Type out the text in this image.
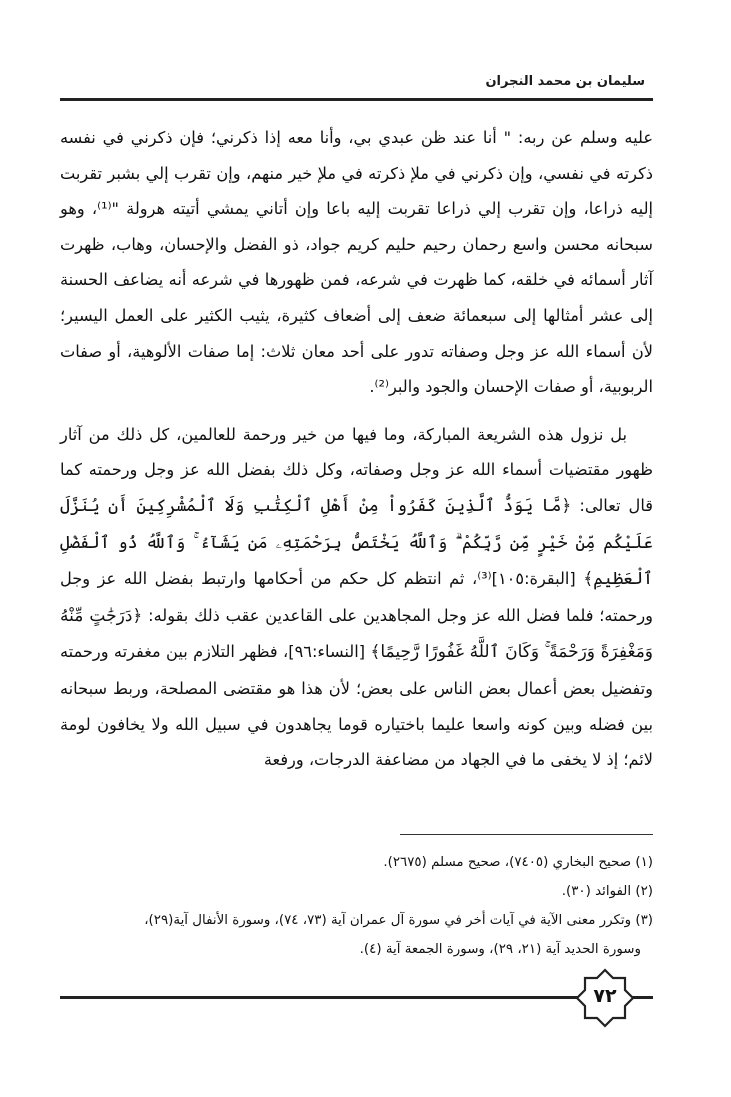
سليمان بن محمد النجران

عليه وسلم عن ربه: " أنا عند ظن عبدي بي، وأنا معه إذا ذكرني؛ فإن ذكرني في نفسه ذكرته في نفسي، وإن ذكرني في ملإ ذكرته في ملإ خير منهم، وإن تقرب إلي بشبر تقربت إليه ذراعا، وإن تقرب إلي ذراعا تقربت إليه باعا وإن أتاني يمشي أتيته هرولة "⁽¹⁾، وهو سبحانه محسن واسع رحمان رحيم حليم كريم جواد، ذو الفضل والإحسان، وهاب، ظهرت آثار أسمائه في خلقه، كما ظهرت في شرعه، فمن ظهورها في شرعه أنه يضاعف الحسنة إلى عشر أمثالها إلى سبعمائة ضعف إلى أضعاف كثيرة، يثيب الكثير على العمل اليسير؛ لأن أسماء الله عز وجل وصفاته تدور على أحد معان ثلاث: إما صفات الألوهية، أو صفات الربوبية، أو صفات الإحسان والجود والبر⁽²⁾.

بل نزول هذه الشريعة المباركة، وما فيها من خير ورحمة للعالمين، كل ذلك من آثار ظهور مقتضيات أسماء الله عز وجل وصفاته، وكل ذلك بفضل الله عز وجل ورحمته كما قال تعالى: ﴿مَّا يَوَدُّ ٱلَّذِينَ كَفَرُواْ مِنْ أَهْلِ ٱلْكِتَٰبِ وَلَا ٱلْمُشْرِكِينَ أَن يُنَزَّلَ عَلَيْكُم مِّنْ خَيْرٍ مِّن رَّبِّكُمْ ۗ وَٱللَّهُ يَخْتَصُّ بِرَحْمَتِهِۦ مَن يَشَآءُ ۚ وَٱللَّهُ ذُو ٱلْفَضْلِ ٱلْعَظِيمِ﴾ [البقرة:١٠٥]⁽³⁾، ثم انتظم كل حكم من أحكامها وارتبط بفضل الله عز وجل ورحمته؛ فلما فضل الله عز وجل المجاهدين على القاعدين عقب ذلك بقوله: ﴿دَرَجَٰتٍ مِّنْهُ وَمَغْفِرَةً وَرَحْمَةً ۚ وَكَانَ ٱللَّهُ غَفُورًا رَّحِيمًا﴾ [النساء:٩٦]، فظهر التلازم بين مغفرته ورحمته وتفضيل بعض أعمال بعض الناس على بعض؛ لأن هذا هو مقتضى المصلحة، وربط سبحانه بين فضله وبين كونه واسعا عليما باختياره قوما يجاهدون في سبيل الله ولا يخافون لومة لائم؛ إذ لا يخفى ما في الجهاد من مضاعفة الدرجات، ورفعة

(١) صحيح البخاري (٧٤٠٥)، صحيح مسلم (٢٦٧٥).

(٢) الفوائد (٣٠).

(٣) وتكرر معنى الآية في آيات أخر في سورة آل عمران آية (٧٣، ٧٤)، وسورة الأنفال آية(٢٩)،

وسورة الحديد آية (٢١، ٢٩)، وسورة الجمعة آية (٤).

٧٢
